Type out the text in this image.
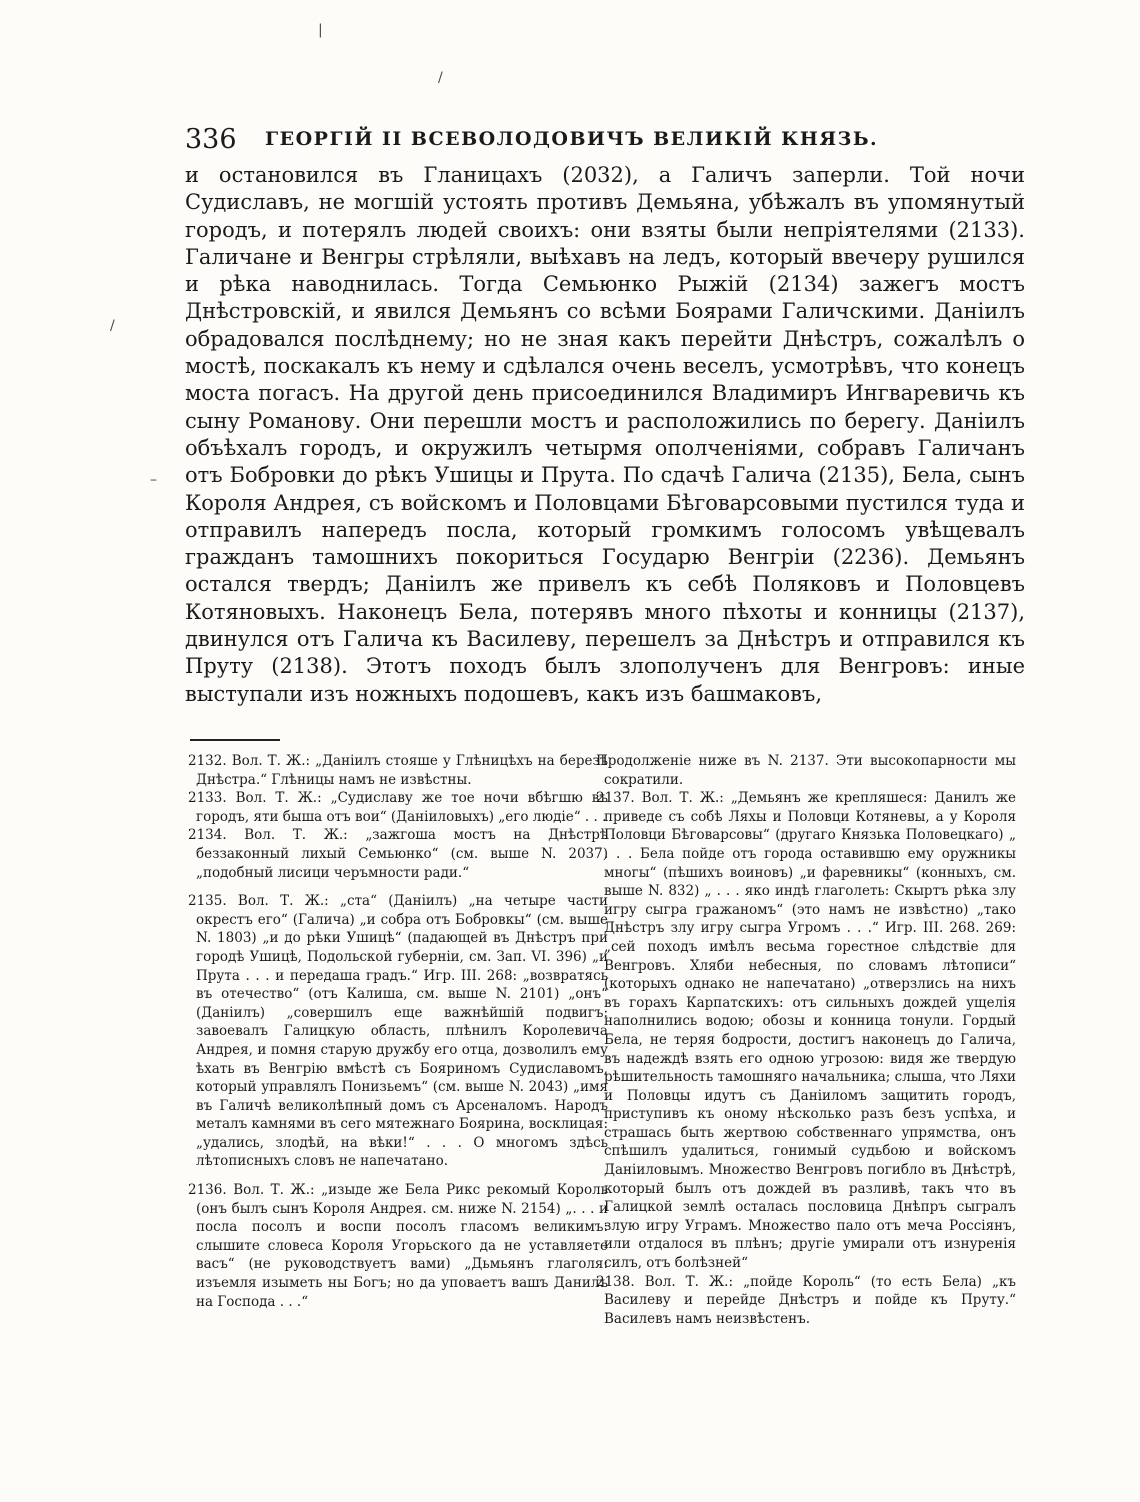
|
/
/
–
336 ГЕОРГІЙ II ВСЕВОЛОДОВИЧЪ ВЕЛИКІЙ КНЯЗЬ.

и остановился въ Гланицахъ (2032), а Галичъ заперли. Той ночи Судиславъ, не могшій устоять противъ Демьяна, убѣжалъ въ упомянутый городъ, и потерялъ людей своихъ: они взяты были непріятелями (2133). Галичане и Венгры стрѣляли, выѣхавъ на ледъ, который ввечеру рушился и рѣка наводнилась. Тогда Семьюнко Рыжій (2134) зажегъ мостъ Днѣстровскій, и явился Демьянъ со всѣми Боярами Галичскими. Даніилъ обрадовался послѣднему; но не зная какъ перейти Днѣстръ, сожалѣлъ о мостѣ, поскакалъ къ нему и сдѣлался очень веселъ, усмотрѣвъ, что конецъ моста погасъ. На другой день присоединился Владимиръ Ингваревичь къ сыну Романову. Они перешли мостъ и расположились по берегу. Даніилъ объѣхалъ городъ, и окружилъ четырмя ополченіями, собравъ Галичанъ отъ Бобровки до рѣкъ Ушицы и Прута. По сдачѣ Галича (2135), Бела, сынъ Короля Андрея, съ войскомъ и Половцами Бѣговарсовыми пустился туда и отправилъ напередъ посла, который громкимъ голосомъ увѣщевалъ гражданъ тамошнихъ покориться Государю Венгріи (2236). Демьянъ остался твердъ; Даніилъ же привелъ къ себѣ Поляковъ и Половцевъ Котяновыхъ. Наконецъ Бела, потерявъ много пѣхоты и конницы (2137), двинулся отъ Галича къ Василеву, перешелъ за Днѣстръ и отправился къ Пруту (2138). Этотъ походъ былъ злополученъ для Венгровъ: иные выступали изъ ножныхъ подошевъ, какъ изъ башмаковъ,

2132. Вол. Т. Ж.: „Даніилъ стояше у Глѣницѣхъ на березѣ Днѣстра.“ Глѣницы намъ не извѣстны.

2133. Вол. Т. Ж.: „Судиславу же тое ночи вбѣгшю въ городъ, яти быша отъ вои“ (Даніиловыхъ) „его людіе“ . . .

2134. Вол. Т. Ж.: „зажгоша мостъ на Днѣстрѣ беззаконный лихый Семьюнко“ (см. выше N. 2037) „подобный лисици черъмности ради.“

2135. Вол. Т. Ж.: „ста“ (Даніилъ) „на четыре части окрестъ его“ (Галича) „и собра отъ Бобровкы“ (см. выше N. 1803) „и до рѣки Ушицѣ“ (падающей въ Днѣстръ при городѣ Ушицѣ, Подольской губерніи, см. Зап. VI. 396) „и Прута . . . и передаша градъ.“ Игр. III. 268: „возвратясь въ отечество“ (отъ Калиша, см. выше N. 2101) „онъ“ (Даніилъ) „совершилъ еще важнѣйшій подвигъ: завоевалъ Галицкую область, плѣнилъ Королевича Андрея, и помня старую дружбу его отца, дозволилъ ему ѣхать въ Венгрію вмѣстѣ съ Бояриномъ Судиславомъ, который управлялъ Понизьемъ“ (см. выше N. 2043) „имя въ Галичѣ великолѣпный домъ съ Арсеналомъ. Народъ металъ камнями въ сего мятежнаго Боярина, восклицая: „удались, злодѣй, на вѣки!“ . . . О многомъ здѣсь лѣтописныхъ словъ не напечатано.

2136. Вол. Т. Ж.: „изыде же Бела Рикс рекомый Король (онъ былъ сынъ Короля Андрея. см. ниже N. 2154) „. . . и посла посолъ и воспи посолъ гласомъ великимъ: слышите словеса Короля Угорьского да не уставляете васъ“ (не руководствуетъ вами) „Дьмьянъ глаголя: изъемля изыметь ны Богъ; но да уповаетъ вашъ Данилъ на Господа . . .“

Продолженіе ниже въ N. 2137. Эти высокопарности мы сократили.

2137. Вол. Т. Ж.: „Демьянъ же крепляшеся: Данилъ же приведе съ собѣ Ляхы и Половци Котяневы, а у Короля Половци Бѣговарсовы“ (другаго Князька Половецкаго) „ . . . Бела пойде отъ города оставившю ему оружникы многы“ (пѣшихъ воиновъ) „и фаревникы“ (конныхъ, см. выше N. 832) „ . . . яко индѣ глаголеть: Скыртъ рѣка злу игру сыгра гражаномъ“ (это намъ не извѣстно) „тако Днѣстръ злу игру сыгра Угромъ . . .“ Игр. III. 268. 269: „сей походъ имѣлъ весьма горестное слѣдствіе для Венгровъ. Хляби небесныя, по словамъ лѣтописи“ (которыхъ однако не напечатано) „отверзлись на нихъ въ горахъ Карпатскихъ: отъ сильныхъ дождей ущелія наполнились водою; обозы и конница тонули. Гордый Бела, не теряя бодрости, достигъ наконецъ до Галича, въ надеждѣ взять его одною угрозою: видя же твердую рѣшительность тамошняго начальника; слыша, что Ляхи и Половцы идутъ съ Даніиломъ защитить городъ, приступивъ къ оному нѣсколько разъ безъ успѣха, и страшась быть жертвою собственнаго упрямства, онъ спѣшилъ удалиться, гонимый судьбою и войскомъ Даніиловымъ. Множество Венгровъ погибло въ Днѣстрѣ, который былъ отъ дождей въ разливѣ, такъ что въ Галицкой землѣ осталась пословица Днѣпръ сыгралъ злую игру Уграмъ. Множество пало отъ меча Россіянъ, или отдалося въ плѣнъ; другіе умирали отъ изнуренія силъ, отъ болѣзней“

2138. Вол. Т. Ж.: „пойде Король“ (то есть Бела) „къ Василеву и перейде Днѣстръ и пойде къ Пруту.“ Василевъ намъ неизвѣстенъ.
